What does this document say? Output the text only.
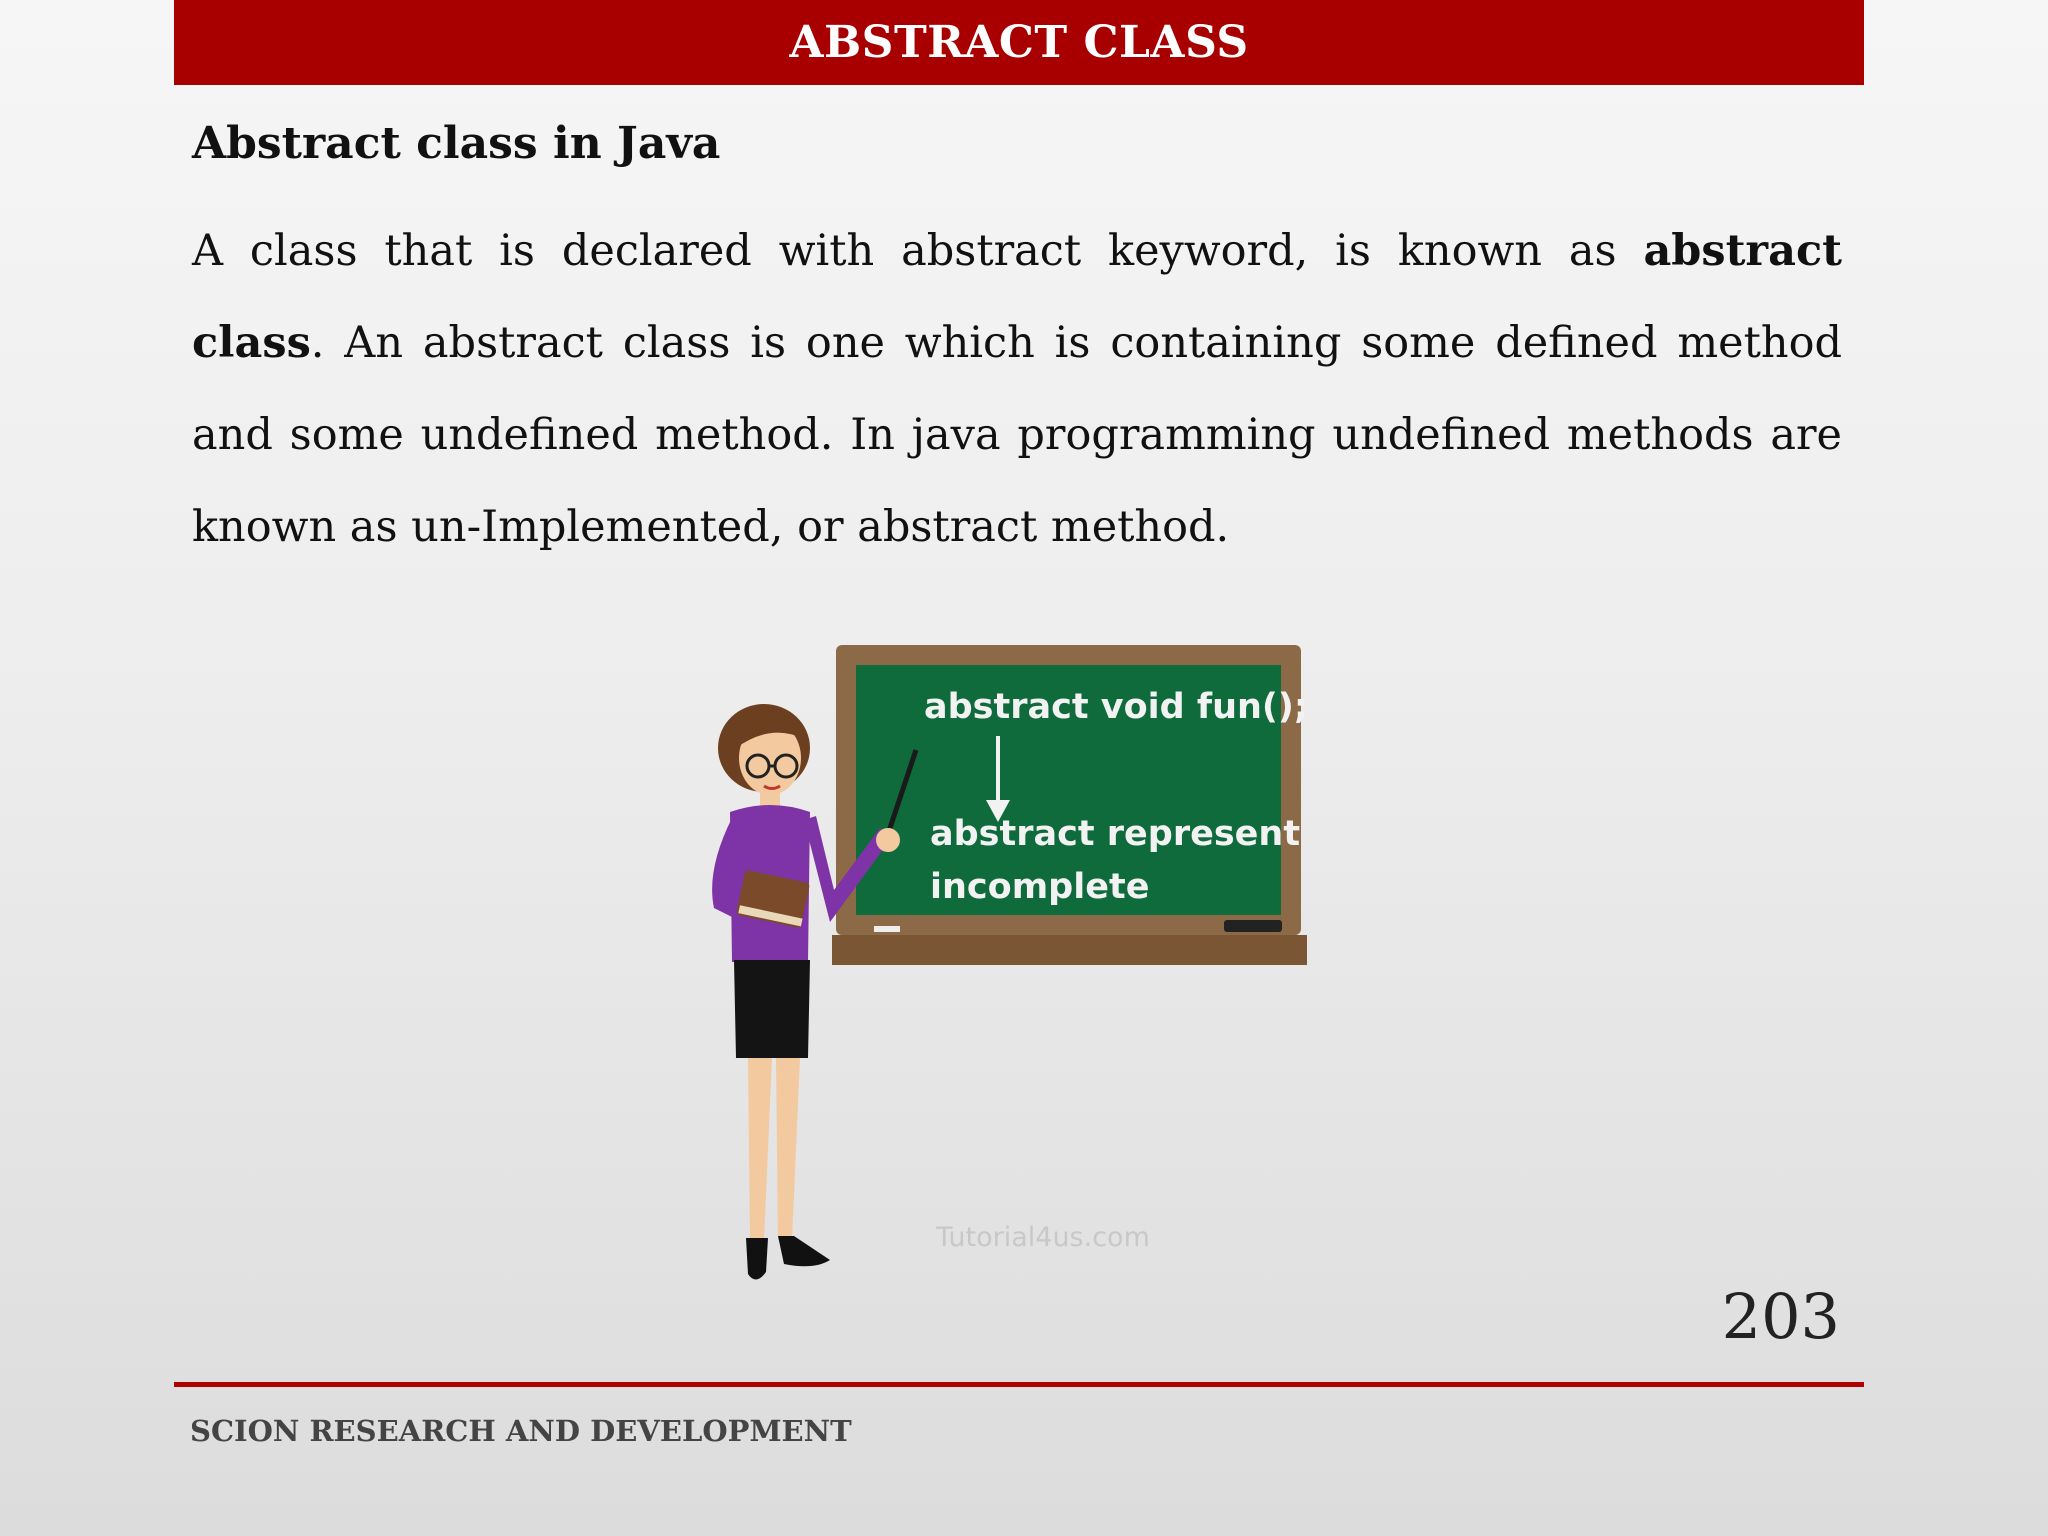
ABSTRACT CLASS
Abstract class in Java
A class that is declared with abstract keyword, is known as abstract class. An abstract class is one which is containing some defined method and some undefined method. In java programming undefined methods are known as un-Implemented, or abstract method.
abstract void fun();
abstract represent
incomplete
Tutorial4us.com
203
SCION RESEARCH AND DEVELOPMENT
